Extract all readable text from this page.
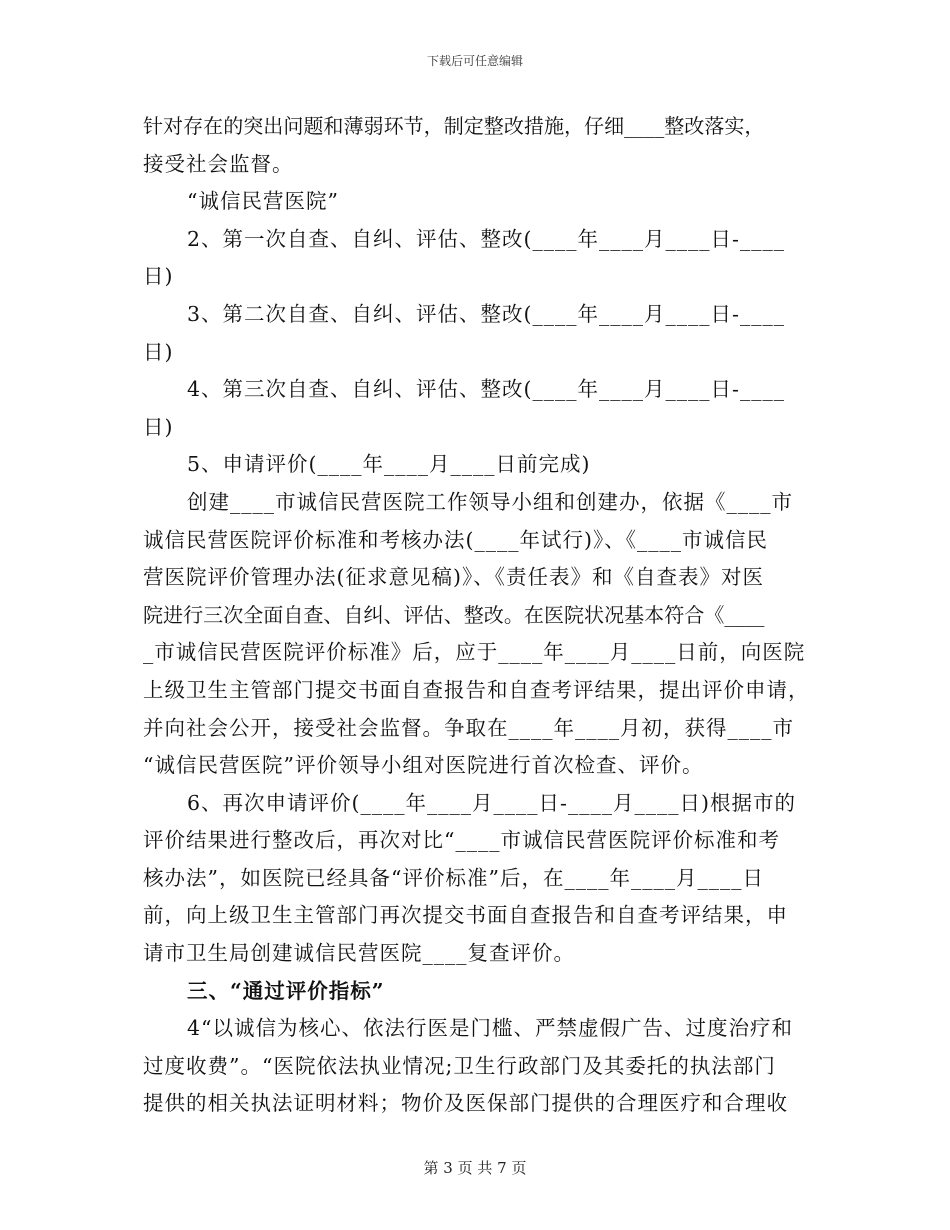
下载后可任意编辑
针对存在的突出问题和薄弱环节，制定整改措施，仔细____整改落实，
接受社会监督。
“诚信民营医院”
2、第一次自查、自纠、评估、整改(____年____月____日-____
日)
3、第二次自查、自纠、评估、整改(____年____月____日-____
日)
4、第三次自查、自纠、评估、整改(____年____月____日-____
日)
5、申请评价(____年____月____日前完成)
创建____市诚信民营医院工作领导小组和创建办，依据《____市
诚信民营医院评价标准和考核办法(____年试行)》、《____市诚信民
营医院评价管理办法(征求意见稿)》、《责任表》和《自查表》对医
院进行三次全面自查、自纠、评估、整改。在医院状况基本符合《____
_市诚信民营医院评价标准》后，应于____年____月____日前，向医院
上级卫生主管部门提交书面自查报告和自查考评结果，提出评价申请，
并向社会公开，接受社会监督。争取在____年____月初，获得____市
“诚信民营医院”评价领导小组对医院进行首次检查、评价。
6、再次申请评价(____年____月____日-____月____日)根据市的
评价结果进行整改后，再次对比“____市诚信民营医院评价标准和考
核办法”，如医院已经具备“评价标准”后，在____年____月____日
前，向上级卫生主管部门再次提交书面自查报告和自查考评结果，申
请市卫生局创建诚信民营医院____复查评价。
三、“通过评价指标”
4“以诚信为核心、依法行医是门槛、严禁虚假广告、过度治疗和
过度收费”。“医院依法执业情况;卫生行政部门及其委托的执法部门
提供的相关执法证明材料；物价及医保部门提供的合理医疗和合理收
第 3 页 共 7 页
